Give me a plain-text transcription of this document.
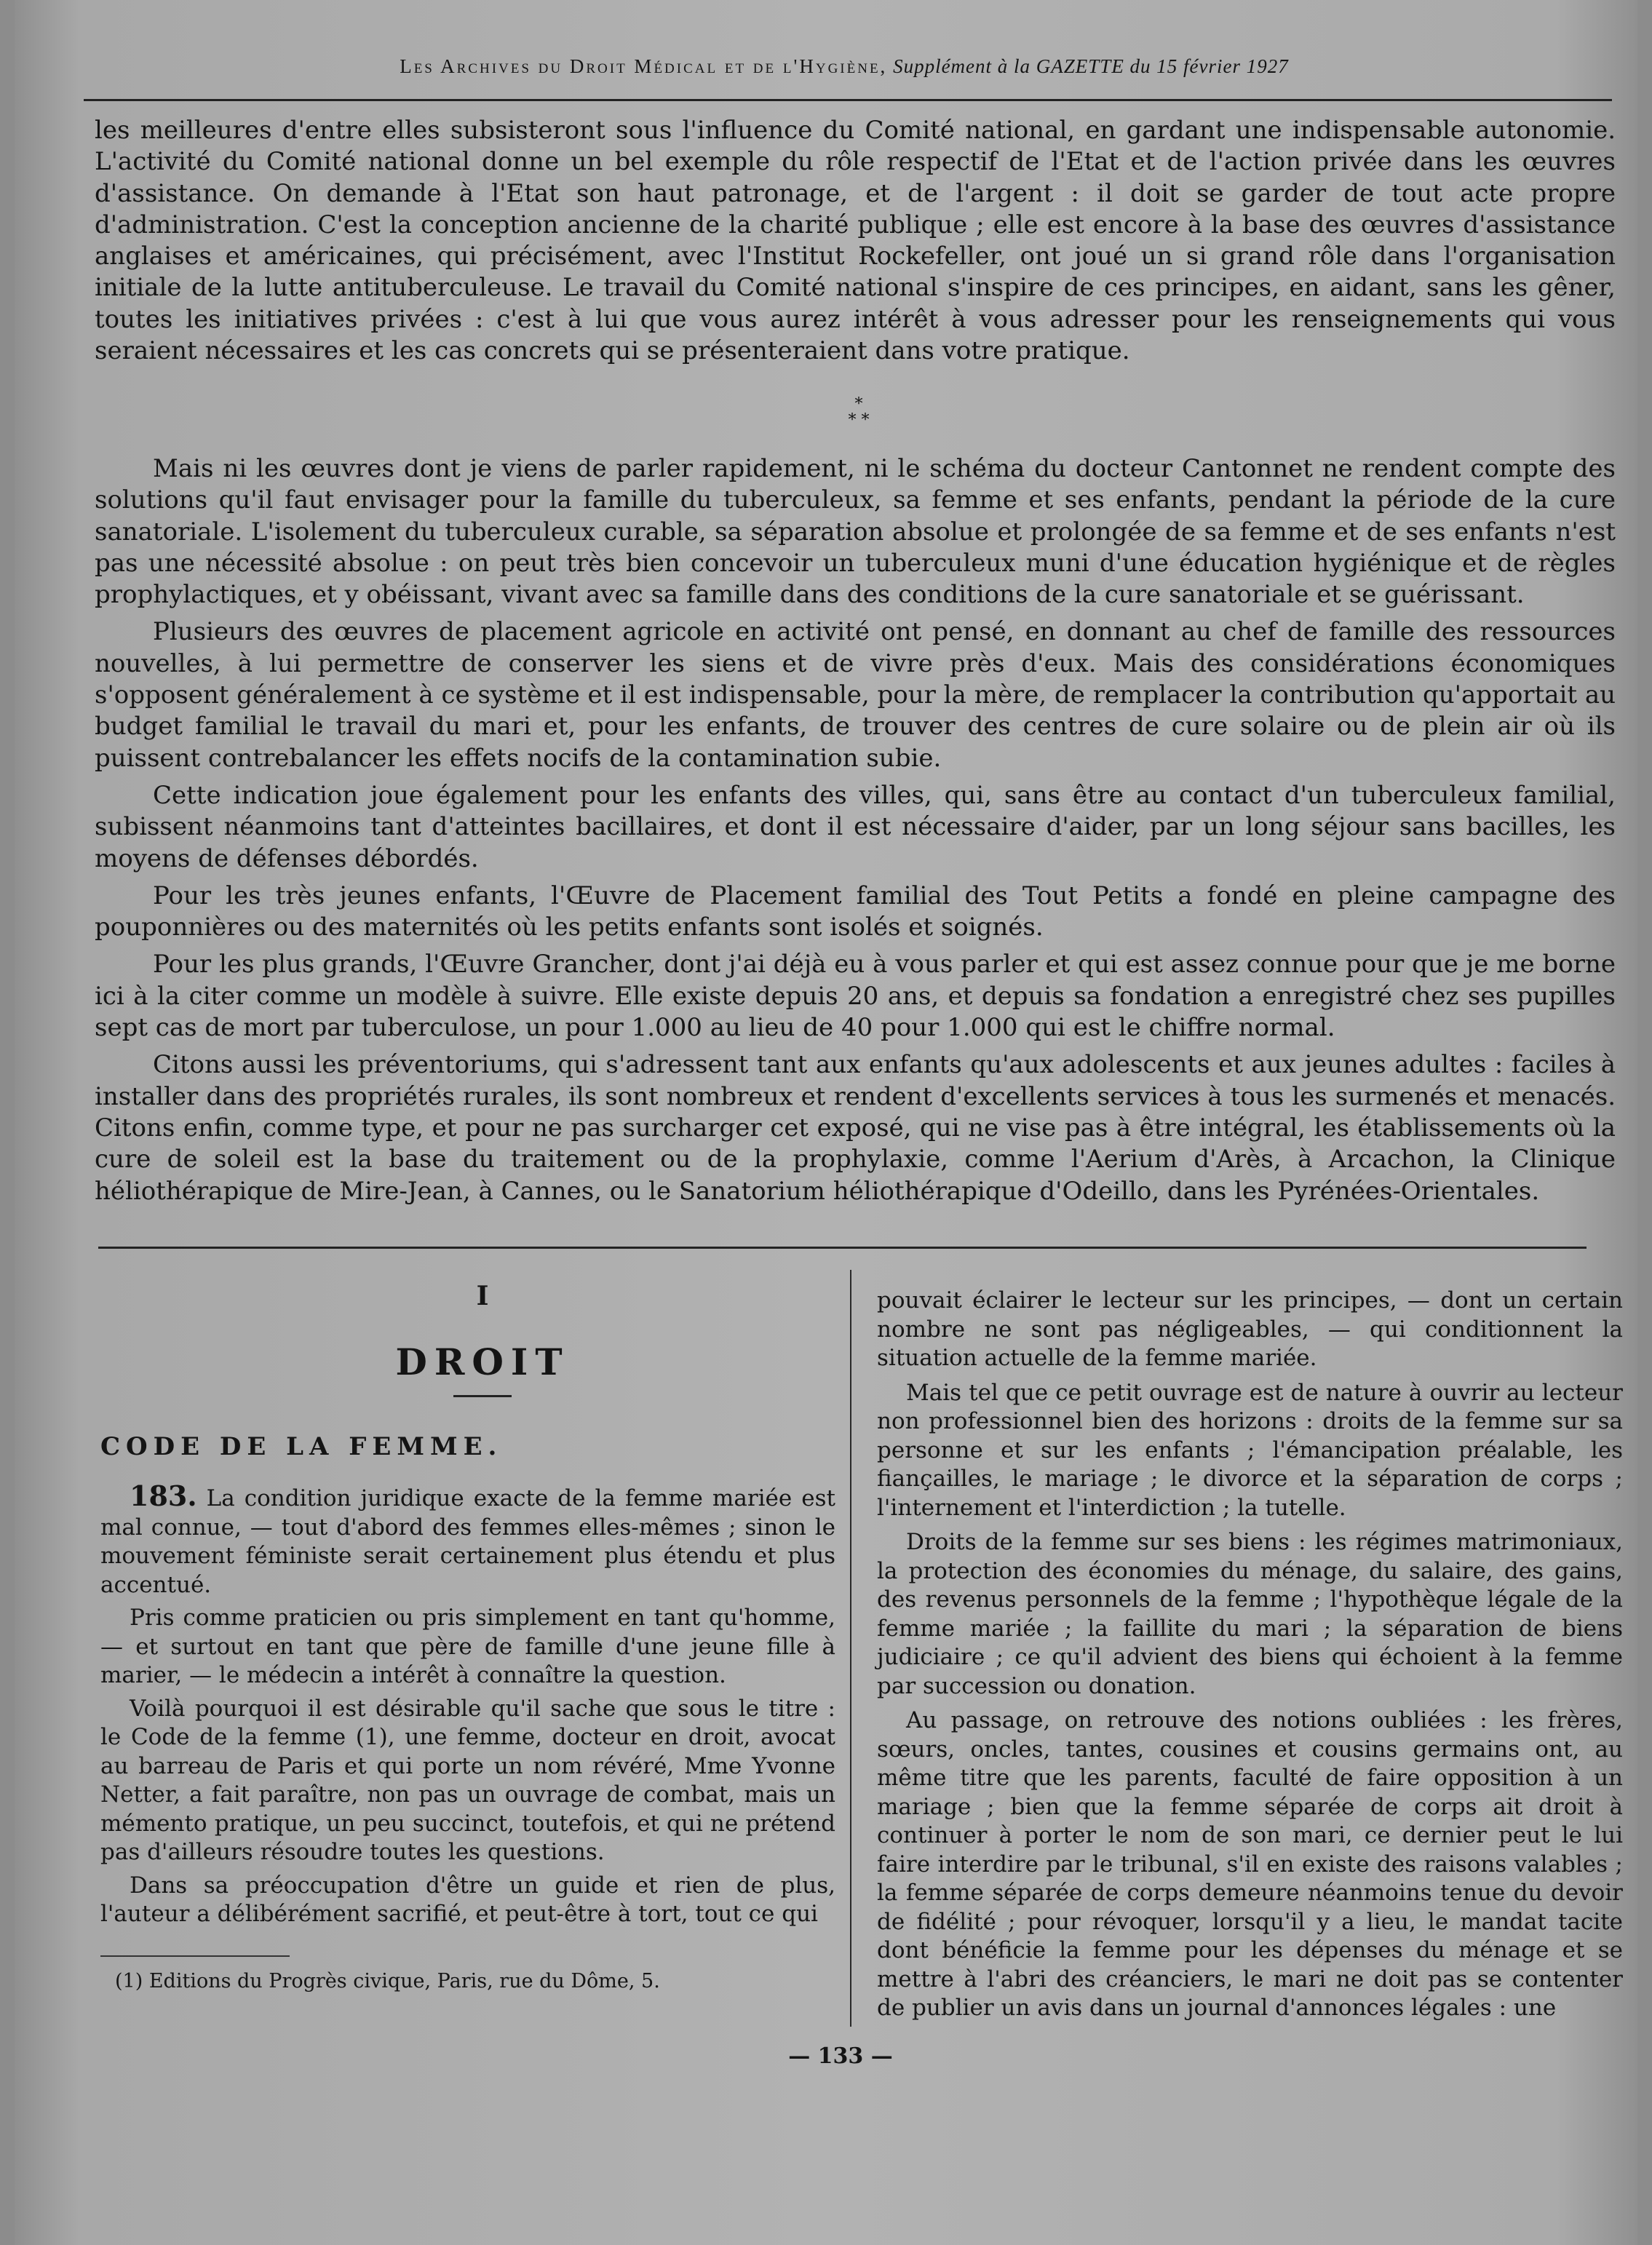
Les Archives du Droit Médical et de l'Hygiène, Supplément à la GAZETTE du 15 février 1927

les meilleures d'entre elles subsisteront sous l'influence du Comité national, en gardant une indispensable autonomie. L'activité du Comité national donne un bel exemple du rôle respectif de l'Etat et de l'action privée dans les œuvres d'assistance. On demande à l'Etat son haut patronage, et de l'argent : il doit se garder de tout acte propre d'administration. C'est la conception ancienne de la charité publique ; elle est encore à la base des œuvres d'assistance anglaises et américaines, qui précisément, avec l'Institut Rockefeller, ont joué un si grand rôle dans l'organisation initiale de la lutte antituberculeuse. Le travail du Comité national s'inspire de ces principes, en aidant, sans les gêner, toutes les initiatives privées : c'est à lui que vous aurez intérêt à vous adresser pour les renseignements qui vous seraient nécessaires et les cas concrets qui se présenteraient dans votre pratique.

*
* *

Mais ni les œuvres dont je viens de parler rapidement, ni le schéma du docteur Cantonnet ne rendent compte des solutions qu'il faut envisager pour la famille du tuberculeux, sa femme et ses enfants, pendant la période de la cure sanatoriale. L'isolement du tuberculeux curable, sa séparation absolue et prolongée de sa femme et de ses enfants n'est pas une nécessité absolue : on peut très bien concevoir un tuberculeux muni d'une éducation hygiénique et de règles prophylactiques, et y obéissant, vivant avec sa famille dans des conditions de la cure sanatoriale et se guérissant.

Plusieurs des œuvres de placement agricole en activité ont pensé, en donnant au chef de famille des ressources nouvelles, à lui permettre de conserver les siens et de vivre près d'eux. Mais des considérations économiques s'opposent généralement à ce système et il est indispensable, pour la mère, de remplacer la contribution qu'apportait au budget familial le travail du mari et, pour les enfants, de trouver des centres de cure solaire ou de plein air où ils puissent contrebalancer les effets nocifs de la contamination subie.

Cette indication joue également pour les enfants des villes, qui, sans être au contact d'un tuberculeux familial, subissent néanmoins tant d'atteintes bacillaires, et dont il est nécessaire d'aider, par un long séjour sans bacilles, les moyens de défenses débordés.

Pour les très jeunes enfants, l'Œuvre de Placement familial des Tout Petits a fondé en pleine campagne des pouponnières ou des maternités où les petits enfants sont isolés et soignés.

Pour les plus grands, l'Œuvre Grancher, dont j'ai déjà eu à vous parler et qui est assez connue pour que je me borne ici à la citer comme un modèle à suivre. Elle existe depuis 20 ans, et depuis sa fondation a enregistré chez ses pupilles sept cas de mort par tuberculose, un pour 1.000 au lieu de 40 pour 1.000 qui est le chiffre normal.

Citons aussi les préventoriums, qui s'adressent tant aux enfants qu'aux adolescents et aux jeunes adultes : faciles à installer dans des propriétés rurales, ils sont nombreux et rendent d'excellents services à tous les surmenés et menacés. Citons enfin, comme type, et pour ne pas surcharger cet exposé, qui ne vise pas à être intégral, les établissements où la cure de soleil est la base du traitement ou de la prophylaxie, comme l'Aerium d'Arès, à Arcachon, la Clinique héliothérapique de Mire-Jean, à Cannes, ou le Sanatorium héliothérapique d'Odeillo, dans les Pyrénées-Orientales.

I
DROIT
CODE DE LA FEMME.

183. La condition juridique exacte de la femme mariée est mal connue, — tout d'abord des femmes elles-mêmes ; sinon le mouvement féministe serait certainement plus étendu et plus accentué.

Pris comme praticien ou pris simplement en tant qu'homme, — et surtout en tant que père de famille d'une jeune fille à marier, — le médecin a intérêt à connaître la question.

Voilà pourquoi il est désirable qu'il sache que sous le titre : le Code de la femme (1), une femme, docteur en droit, avocat au barreau de Paris et qui porte un nom révéré, Mme Yvonne Netter, a fait paraître, non pas un ouvrage de combat, mais un mémento pratique, un peu succinct, toutefois, et qui ne prétend pas d'ailleurs résoudre toutes les questions.

Dans sa préoccupation d'être un guide et rien de plus, l'auteur a délibérément sacrifié, et peut-être à tort, tout ce qui

(1) Editions du Progrès civique, Paris, rue du Dôme, 5.

pouvait éclairer le lecteur sur les principes, — dont un certain nombre ne sont pas négligeables, — qui conditionnent la situation actuelle de la femme mariée.

Mais tel que ce petit ouvrage est de nature à ouvrir au lecteur non professionnel bien des horizons : droits de la femme sur sa personne et sur les enfants ; l'émancipation préalable, les fiançailles, le mariage ; le divorce et la séparation de corps ; l'internement et l'interdiction ; la tutelle.

Droits de la femme sur ses biens : les régimes matrimoniaux, la protection des économies du ménage, du salaire, des gains, des revenus personnels de la femme ; l'hypothèque légale de la femme mariée ; la faillite du mari ; la séparation de biens judiciaire ; ce qu'il advient des biens qui échoient à la femme par succession ou donation.

Au passage, on retrouve des notions oubliées : les frères, sœurs, oncles, tantes, cousines et cousins germains ont, au même titre que les parents, faculté de faire opposition à un mariage ; bien que la femme séparée de corps ait droit à continuer à porter le nom de son mari, ce dernier peut le lui faire interdire par le tribunal, s'il en existe des raisons valables ; la femme séparée de corps demeure néanmoins tenue du devoir de fidélité ; pour révoquer, lorsqu'il y a lieu, le mandat tacite dont bénéficie la femme pour les dépenses du ménage et se mettre à l'abri des créanciers, le mari ne doit pas se contenter de publier un avis dans un journal d'annonces légales : une

— 133 —
